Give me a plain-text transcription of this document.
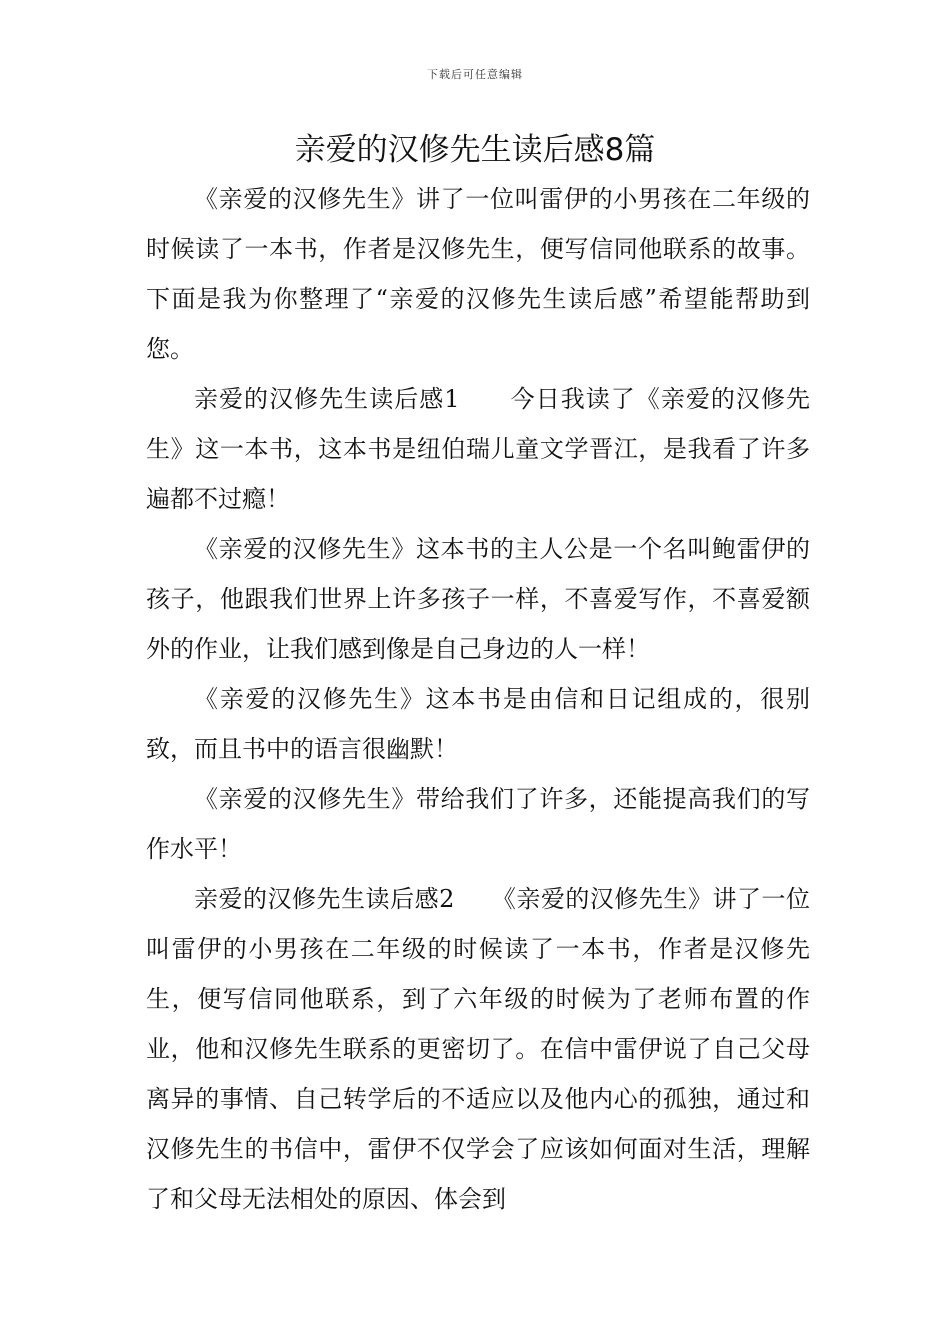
下载后可任意编辑
亲爱的汉修先生读后感8篇

《亲爱的汉修先生》讲了一位叫雷伊的小男孩在二年级的时候读了一本书，作者是汉修先生，便写信同他联系的故事。下面是我为你整理了“亲爱的汉修先生读后感”希望能帮助到您。

亲爱的汉修先生读后感1　　今日我读了《亲爱的汉修先生》这一本书，这本书是纽伯瑞儿童文学晋江，是我看了许多遍都不过瘾！

《亲爱的汉修先生》这本书的主人公是一个名叫鲍雷伊的孩子，他跟我们世界上许多孩子一样，不喜爱写作，不喜爱额外的作业，让我们感到像是自己身边的人一样！

《亲爱的汉修先生》这本书是由信和日记组成的，很别致，而且书中的语言很幽默！

《亲爱的汉修先生》带给我们了许多，还能提高我们的写作水平！

亲爱的汉修先生读后感2　　《亲爱的汉修先生》讲了一位叫雷伊的小男孩在二年级的时候读了一本书，作者是汉修先生，便写信同他联系，到了六年级的时候为了老师布置的作业，他和汉修先生联系的更密切了。在信中雷伊说了自己父母离异的事情、自己转学后的不适应以及他内心的孤独，通过和汉修先生的书信中，雷伊不仅学会了应该如何面对生活，理解了和父母无法相处的原因、体会到
